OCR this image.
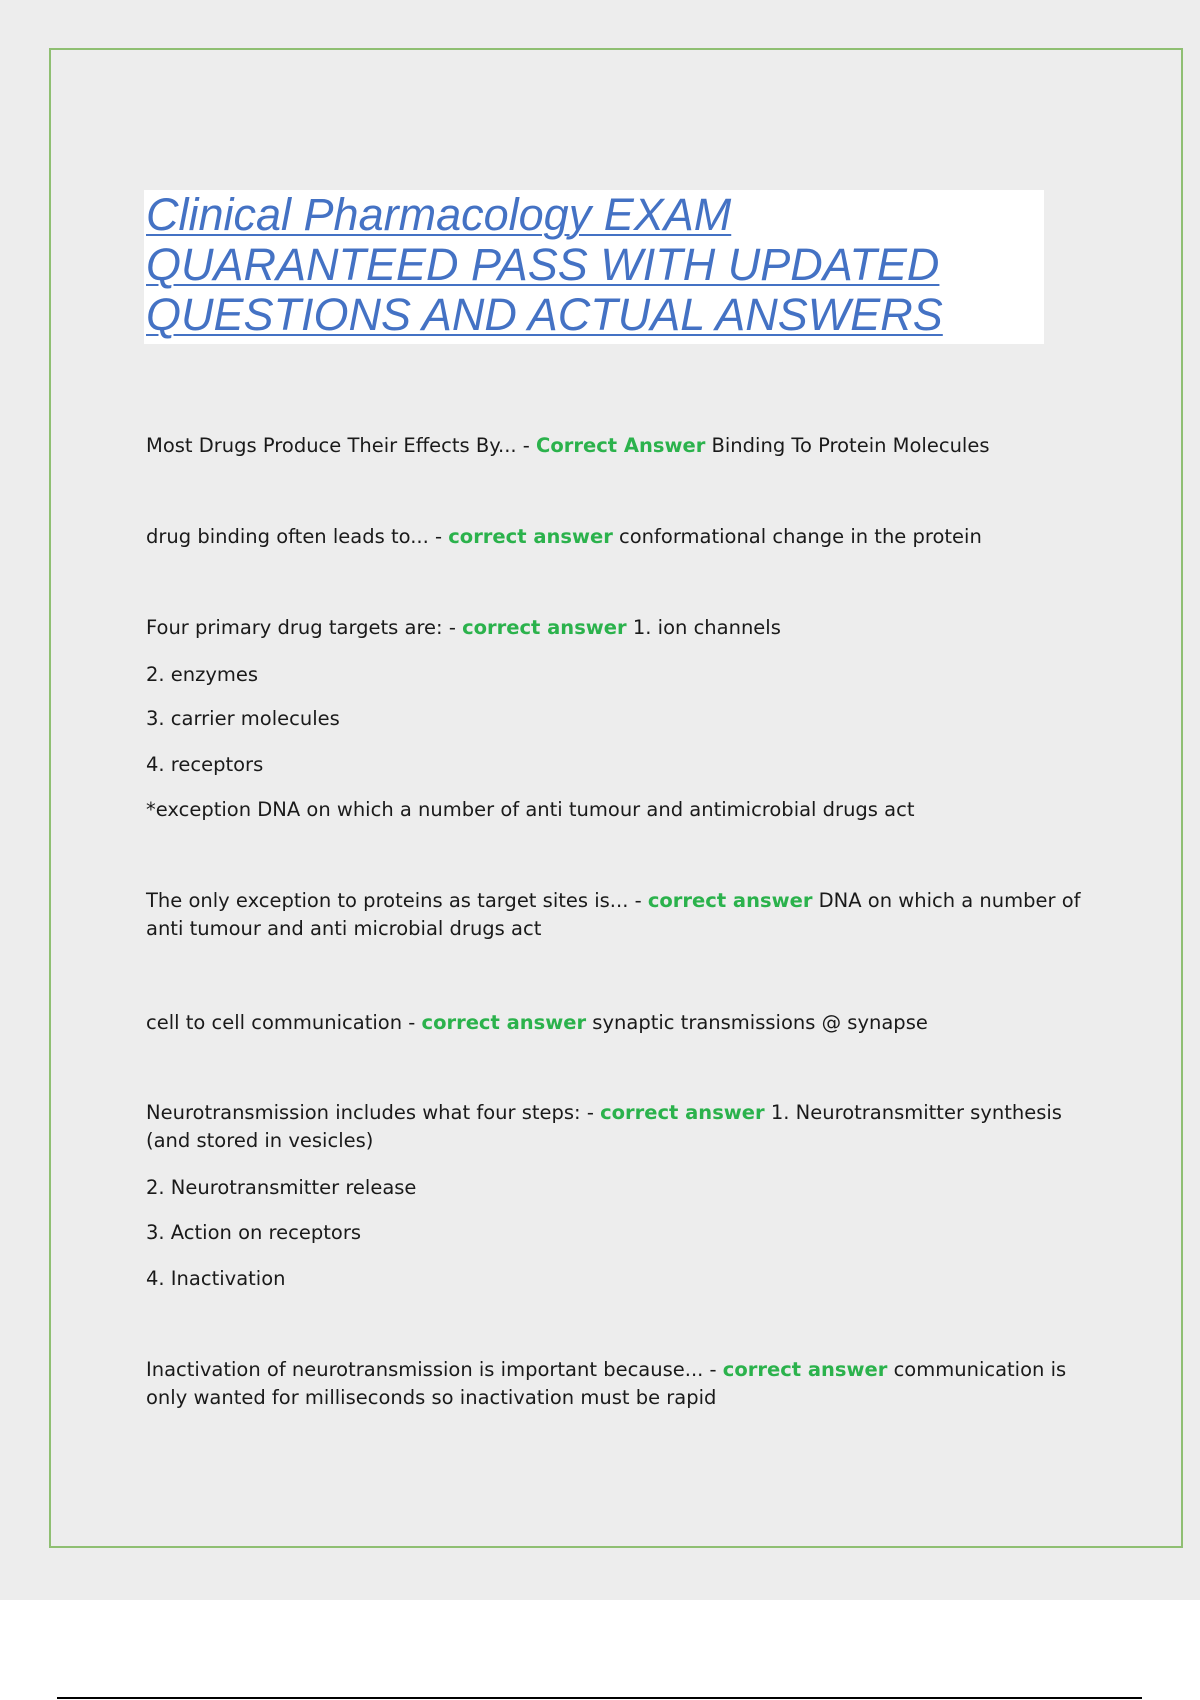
Clinical Pharmacology EXAM
QUARANTEED PASS WITH UPDATED
QUESTIONS AND ACTUAL ANSWERS
Most Drugs Produce Their Effects By... - Correct Answer Binding To Protein Molecules
drug binding often leads to... - correct answer conformational change in the protein
Four primary drug targets are: - correct answer 1. ion channels
2. enzymes
3. carrier molecules
4. receptors
*exception DNA on which a number of anti tumour and antimicrobial drugs act
The only exception to proteins as target sites is... - correct answer DNA on which a number of anti tumour and anti microbial drugs act
cell to cell communication - correct answer synaptic transmissions @ synapse
Neurotransmission includes what four steps: - correct answer 1. Neurotransmitter synthesis (and stored in vesicles)
2. Neurotransmitter release
3. Action on receptors
4. Inactivation
Inactivation of neurotransmission is important because... - correct answer communication is only wanted for milliseconds so inactivation must be rapid
